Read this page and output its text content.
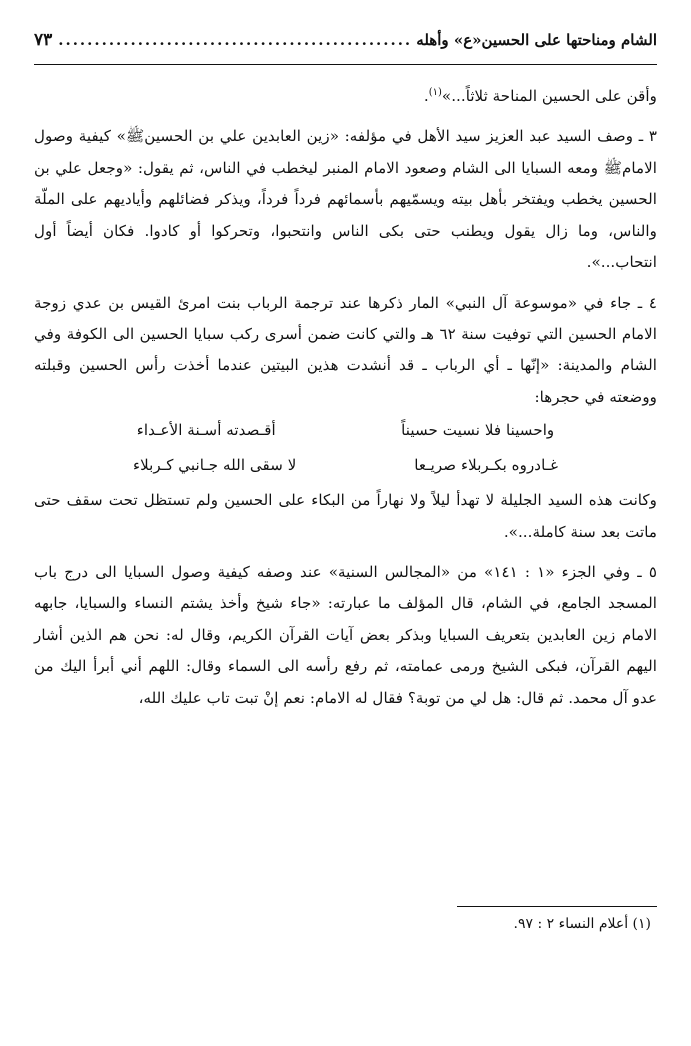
الشام ومناحتها على الحسين«ع» وأهله
.....
٧٣

وأقن على الحسين المناحة ثلاثاً...»$^{(١)}$.

٣ ـ وصف السيد عبد العزيز سيد الأهل في مؤلفه: «زين العابدين علي بن الحسينﷺ» كيفية وصول الامامﷺ ومعه السبايا الى الشام وصعود الامام المنبر ليخطب في الناس، ثم يقول: «وجعل علي بن الحسين يخطب ويفتخر بأهل بيته ويسمّيهم بأسمائهم فرداً فرداً، ويذكر فضائلهم وأياديهم على الملّة والناس، وما زال يقول ويطنب حتى بكى الناس وانتحبوا، وتحركوا أو كادوا. فكان أيضاً أول انتحاب...».

٤ ـ جاء في «موسوعة آل النبي» المار ذكرها عند ترجمة الرباب بنت امرئ القيس بن عدي زوجة الامام الحسين التي توفيت سنة ٦٢ هـ والتي كانت ضمن أسرى ركب سبايا الحسين الى الكوفة وفي الشام والمدينة: «إنّها ـ أي الرباب ـ قد أنشدت هذين البيتين عندما أخذت رأس الحسين وقبلته ووضعته في حجرها:

واحسينا فلا نسيت حسيناً
أقـصدته أسـنة الأعـداء
غـادروه بكـربلاء صريـعا
لا سقى الله جـانبي كـربلاء

وكانت هذه السيد الجليلة لا تهدأ ليلاً ولا نهاراً من البكاء على الحسين ولم تستظل تحت سقف حتى ماتت بعد سنة كاملة...».

٥ ـ وفي الجزء «١ : ١٤١» من «المجالس السنية» عند وصفه كيفية وصول السبايا الى درج باب المسجد الجامع، في الشام، قال المؤلف ما عبارته: «جاء شيخ وأخذ يشتم النساء والسبايا، جابهه الامام زين العابدين بتعريف السبايا وبذكر بعض آيات القرآن الكريم، وقال له: نحن هم الذين أشار اليهم القرآن، فبكى الشيخ ورمى عمامته، ثم رفع رأسه الى السماء وقال: اللهم أني أبرأ اليك من عدو آل محمد. ثم قال: هل لي من توبة؟ فقال له الامام: نعم إنْ تبت تاب عليك الله،

(١) أعلام النساء ٢ : ٩٧.
